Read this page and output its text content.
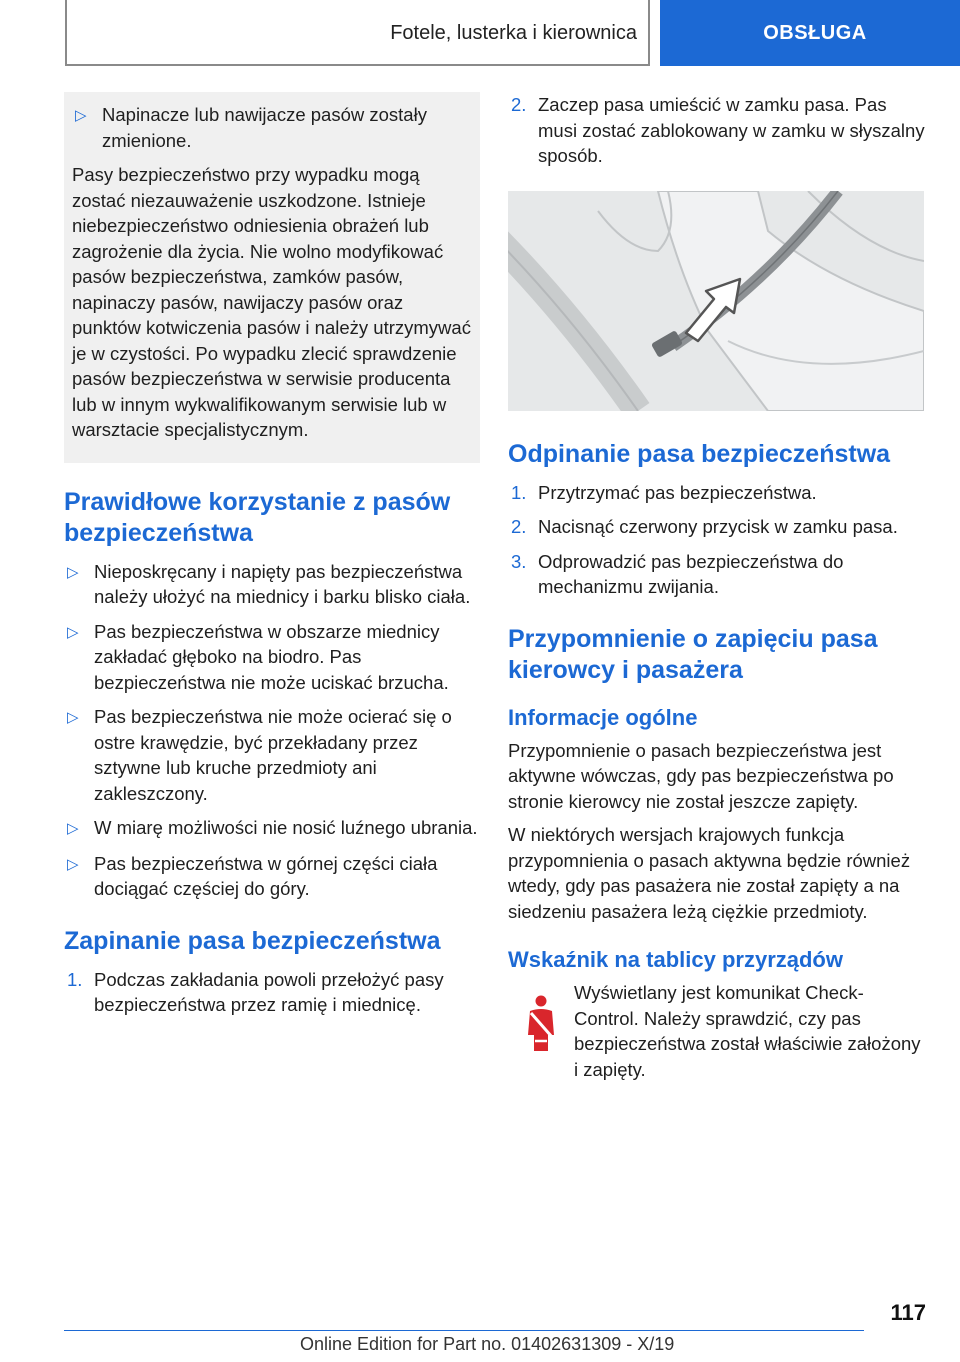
Fotele, lusterka i kierownica	OBSŁUGA
▷ Napinacze lub nawijacze pasów zostały zmienione.

Pasy bezpieczeństwo przy wypadku mogą zostać niezauważenie uszkodzone. Istnieje niebezpieczeństwo odniesienia obrażeń lub zagrożenie dla życia. Nie wolno modyfikować pasów bezpieczeństwa, zamków pasów, napinaczy pasów, nawijaczy pasów oraz punktów kotwiczenia pasów i należy utrzymywać je w czystości. Po wypadku zlecić sprawdzenie pasów bezpieczeństwa w serwisie producenta lub w innym wykwalifikowanym serwisie lub w warsztacie specjalistycznym.

Prawidłowe korzystanie z pasów bezpieczeństwa
▷ Nieposkręcany i napięty pas bezpieczeństwa należy ułożyć na miednicy i barku blisko ciała.
▷ Pas bezpieczeństwa w obszarze miednicy zakładać głęboko na biodro. Pas bezpieczeństwa nie może uciskać brzucha.
▷ Pas bezpieczeństwa nie może ocierać się o ostre krawędzie, być przekładany przez sztywne lub kruche przedmioty ani zakleszczony.
▷ W miarę możliwości nie nosić luźnego ubrania.
▷ Pas bezpieczeństwa w górnej części ciała dociągać częściej do góry.
Zapinanie pasa bezpieczeństwa
1. Podczas zakładania powoli przełożyć pasy bezpieczeństwa przez ramię i miednicę.
2. Zaczep pasa umieścić w zamku pasa. Pas musi zostać zablokowany w zamku w słyszalny sposób.
Odpinanie pasa bezpieczeństwa
1. Przytrzymać pas bezpieczeństwa.
2. Nacisnąć czerwony przycisk w zamku pasa.
3. Odprowadzić pas bezpieczeństwa do mechanizmu zwijania.
Przypomnienie o zapięciu pasa kierowcy i pasażera
Informacje ogólne

Przypomnienie o pasach bezpieczeństwa jest aktywne wówczas, gdy pas bezpieczeństwa po stronie kierowcy nie został jeszcze zapięty.

W niektórych wersjach krajowych funkcja przypomnienia o pasach aktywna będzie również wtedy, gdy pas pasażera nie został zapięty a na siedzeniu pasażera leżą ciężkie przedmioty.

Wskaźnik na tablicy przyrządów
Wyświetlany jest komunikat Check-Control. Należy sprawdzić, czy pas bezpieczeństwa został właściwie założony i zapięty.
117
Online Edition for Part no. 01402631309 - X/19
